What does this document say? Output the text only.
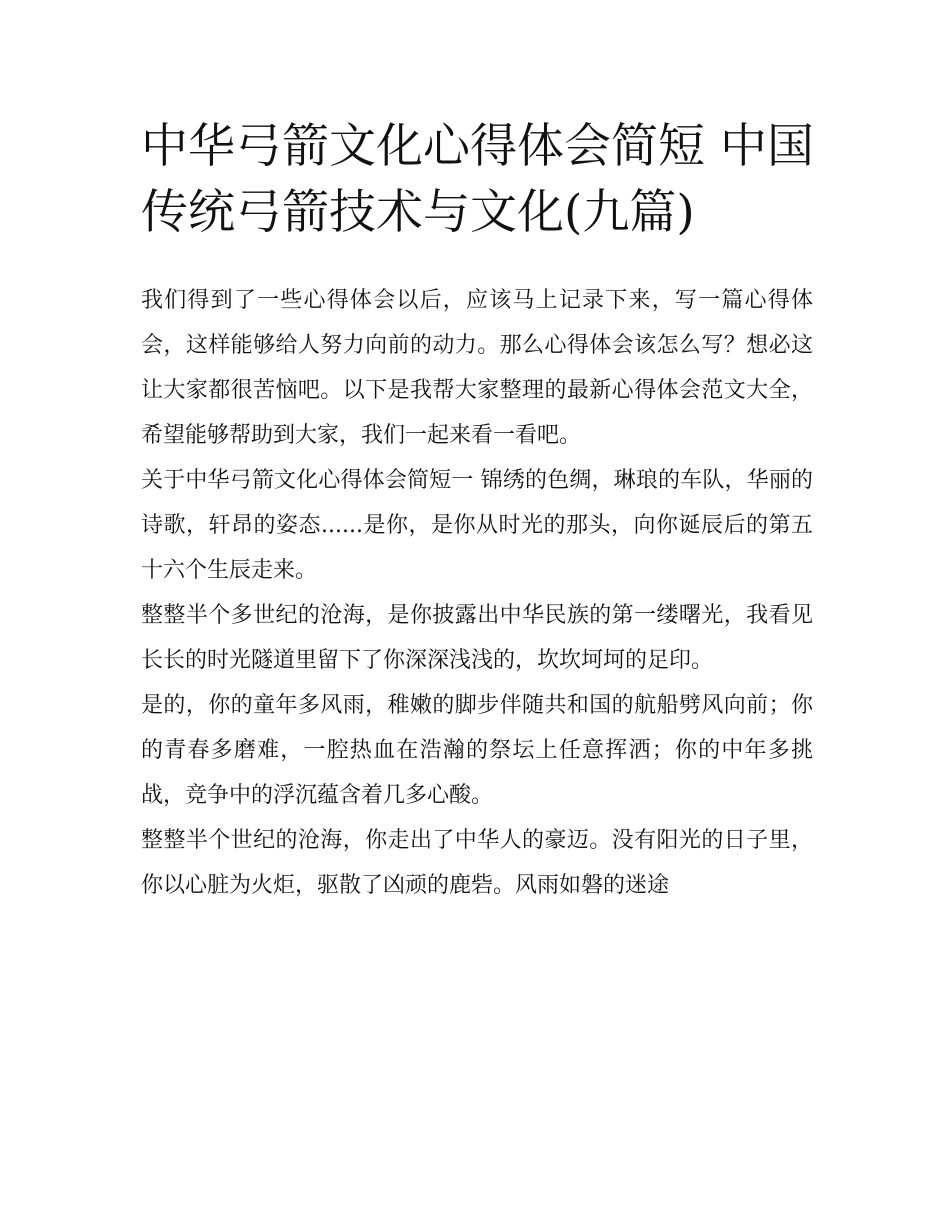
中华弓箭文化心得体会简短 中国传统弓箭技术与文化(九篇)

我们得到了一些心得体会以后，应该马上记录下来，写一篇心得体会，这样能够给人努力向前的动力。那么心得体会该怎么写？想必这让大家都很苦恼吧。以下是我帮大家整理的最新心得体会范文大全，希望能够帮助到大家，我们一起来看一看吧。

关于中华弓箭文化心得体会简短一 锦绣的色绸，琳琅的车队，华丽的诗歌，轩昂的姿态......是你，是你从时光的那头，向你诞辰后的第五十六个生辰走来。

整整半个多世纪的沧海，是你披露出中华民族的第一缕曙光，我看见长长的时光隧道里留下了你深深浅浅的，坎坎坷坷的足印。

是的，你的童年多风雨，稚嫩的脚步伴随共和国的航船劈风向前；你的青春多磨难，一腔热血在浩瀚的祭坛上任意挥洒；你的中年多挑战，竞争中的浮沉蕴含着几多心酸。

整整半个世纪的沧海，你走出了中华人的豪迈。没有阳光的日子里，你以心脏为火炬，驱散了凶顽的鹿砦。风雨如磐的迷途
